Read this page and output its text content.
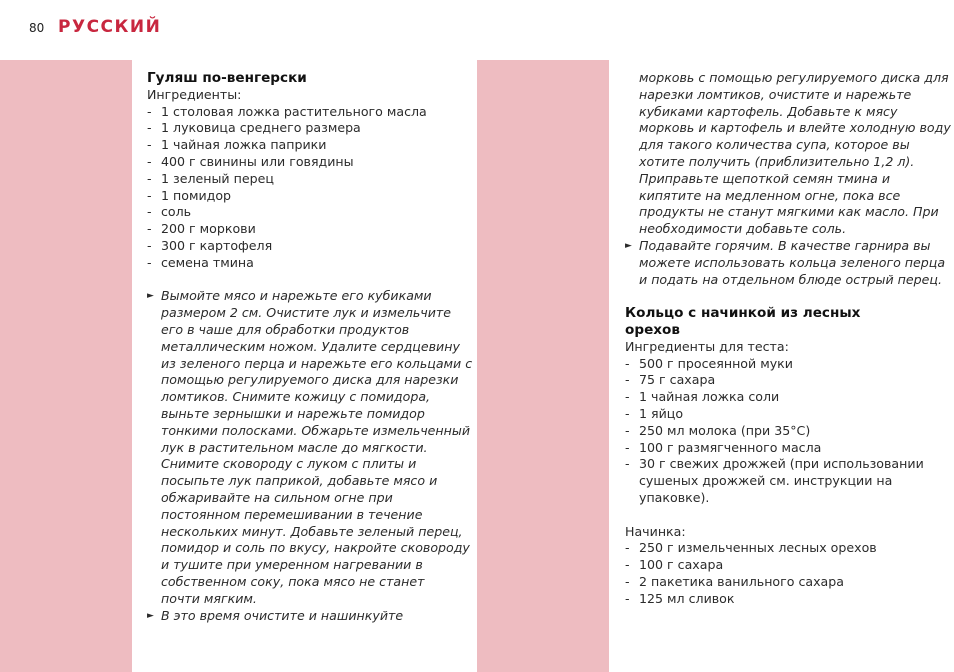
80 РУССКИЙ
Гуляш по-венгерски
Ингредиенты:
- 1 столовая ложка растительного масла
- 1 луковица среднего размера
- 1 чайная ложка паприки
- 400 г свинины или говядины
- 1 зеленый перец
- 1 помидор
- соль
- 200 г моркови
- 300 г картофеля
- семена тмина
► Вымойте мясо и нарежьте его кубиками
размером 2 см. Очистите лук и измельчите
его в чаше для обработки продуктов
металлическим ножом. Удалите сердцевину
из зеленого перца и нарежьте его кольцами с
помощью регулируемого диска для нарезки
ломтиков. Снимите кожицу с помидора,
выньте зернышки и нарежьте помидор
тонкими полосками. Обжарьте измельченный
лук в растительном масле до мягкости.
Снимите сковороду с луком с плиты и
посыпьте лук паприкой, добавьте мясо и
обжаривайте на сильном огне при
постоянном перемешивании в течение
нескольких минут. Добавьте зеленый перец,
помидор и соль по вкусу, накройте сковороду
и тушите при умеренном нагревании в
собственном соку, пока мясо не станет
почти мягким.
► В это время очистите и нашинкуйте
морковь с помощью регулируемого диска для
нарезки ломтиков, очистите и нарежьте
кубиками картофель. Добавьте к мясу
морковь и картофель и влейте холодную воду
для такого количества супа, которое вы
хотите получить (приблизительно 1,2 л).
Приправьте щепоткой семян тмина и
кипятите на медленном огне, пока все
продукты не станут мягкими как масло. При
необходимости добавьте соль.
► Подавайте горячим. В качестве гарнира вы
можете использовать кольца зеленого перца
и подать на отдельном блюде острый перец.
Кольцо с начинкой из лесных
орехов
Ингредиенты для теста:
- 500 г просеянной муки
- 75 г сахара
- 1 чайная ложка соли
- 1 яйцо
- 250 мл молока (при 35°C)
- 100 г размягченного масла
- 30 г свежих дрожжей (при использовании
сушеных дрожжей см. инструкции на
упаковке).
Начинка:
- 250 г измельченных лесных орехов
- 100 г сахара
- 2 пакетика ванильного сахара
- 125 мл сливок
